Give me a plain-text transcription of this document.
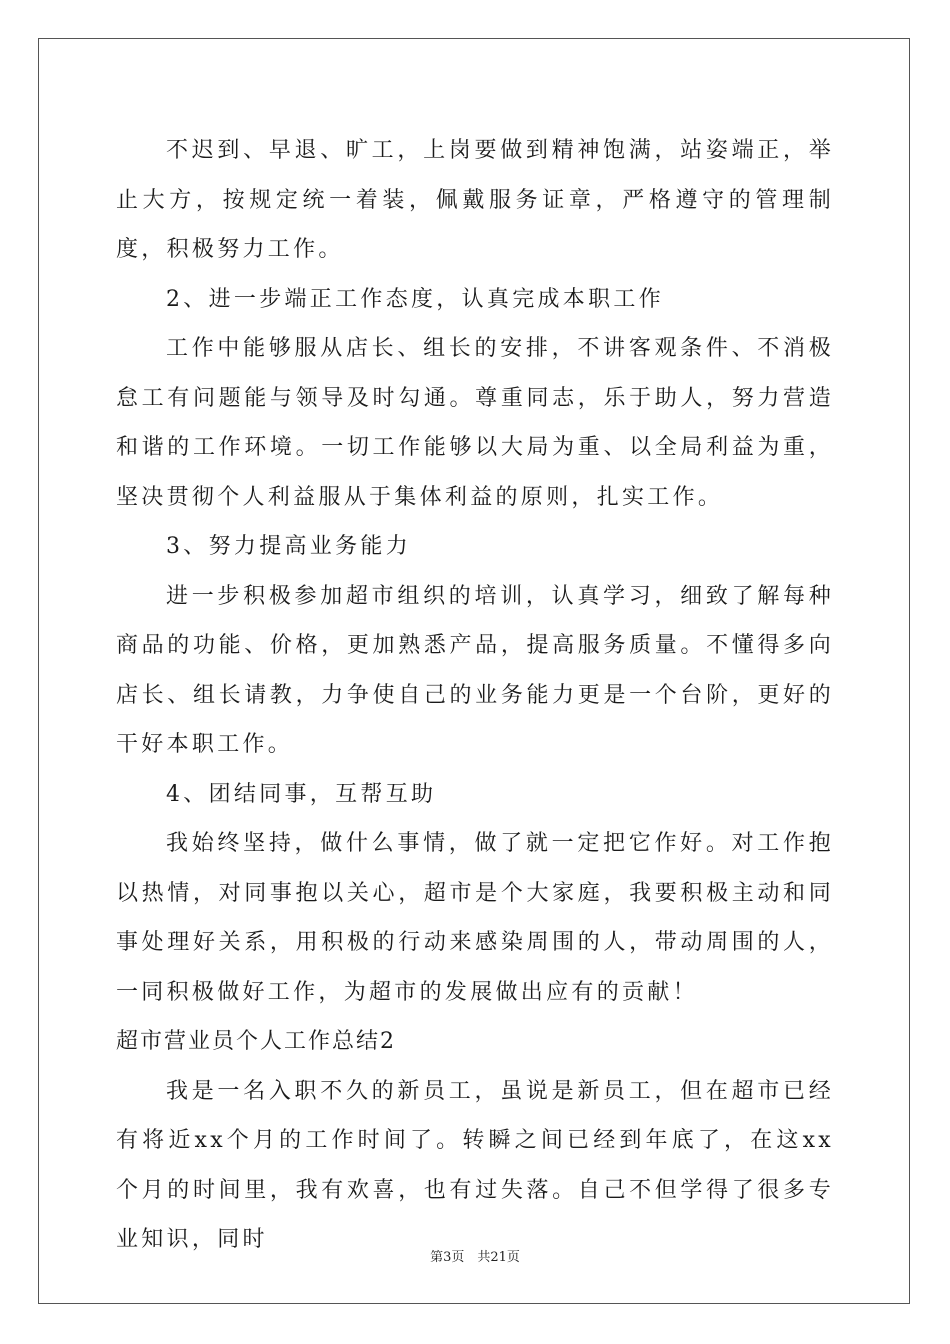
不迟到、早退、旷工，上岗要做到精神饱满，站姿端正，举止大方，按规定统一着装，佩戴服务证章，严格遵守的管理制度，积极努力工作。

2、进一步端正工作态度，认真完成本职工作

工作中能够服从店长、组长的安排，不讲客观条件、不消极怠工有问题能与领导及时勾通。尊重同志，乐于助人，努力营造和谐的工作环境。一切工作能够以大局为重、以全局利益为重，坚决贯彻个人利益服从于集体利益的原则，扎实工作。

3、努力提高业务能力

进一步积极参加超市组织的培训，认真学习，细致了解每种商品的功能、价格，更加熟悉产品，提高服务质量。不懂得多向店长、组长请教，力争使自己的业务能力更是一个台阶，更好的干好本职工作。

4、团结同事，互帮互助

我始终坚持，做什么事情，做了就一定把它作好。对工作抱以热情，对同事抱以关心，超市是个大家庭，我要积极主动和同事处理好关系，用积极的行动来感染周围的人，带动周围的人，一同积极做好工作，为超市的发展做出应有的贡献！

超市营业员个人工作总结2

我是一名入职不久的新员工，虽说是新员工，但在超市已经有将近xx个月的工作时间了。转瞬之间已经到年底了，在这xx个月的时间里，我有欢喜，也有过失落。自己不但学得了很多专业知识，同时

第3页　共21页
